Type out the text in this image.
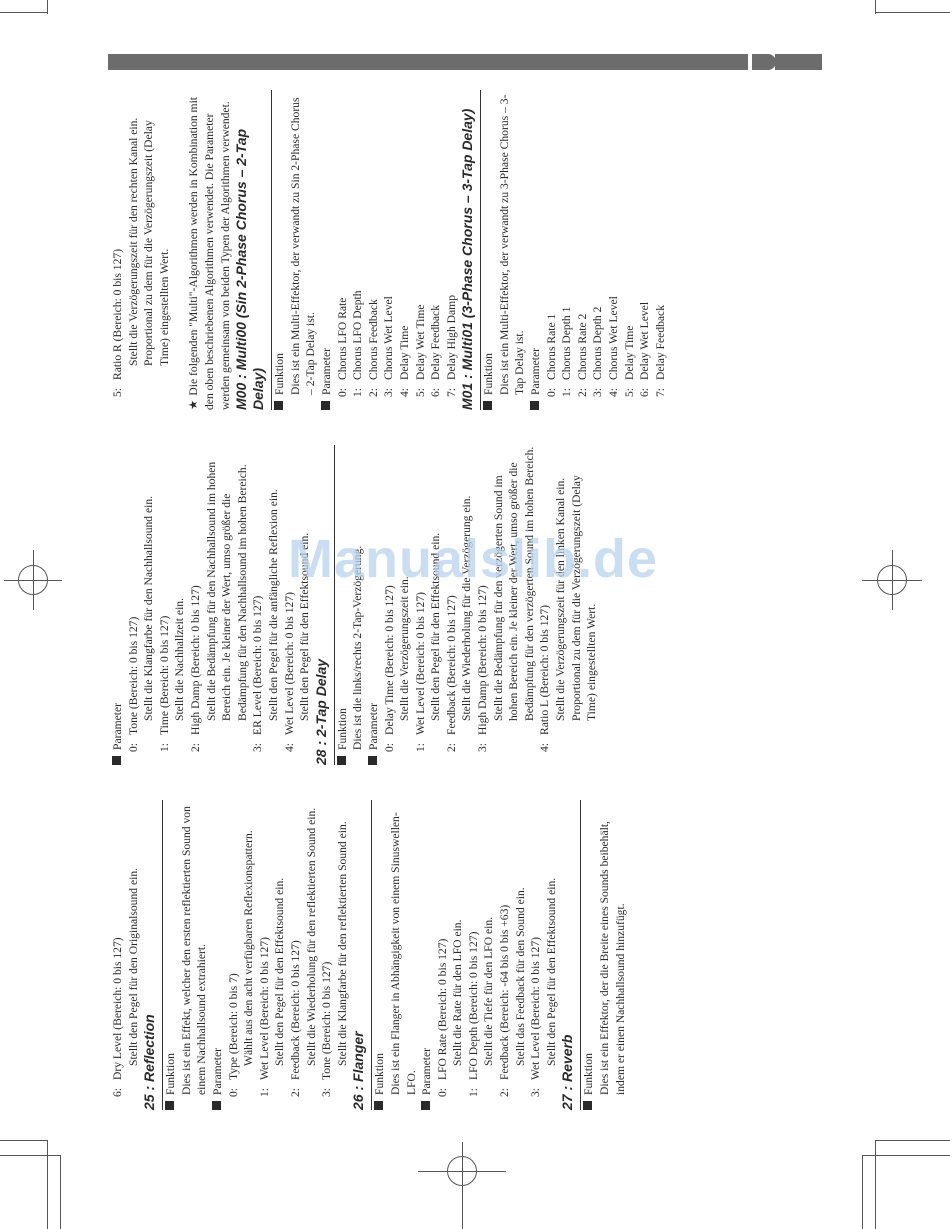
6:
Dry Level (Bereich: 0 bis 127) Stellt den Pegel für den Originalsound ein. 25 : Reflection Funktion Dies ist ein Effekt, welcher den ersten reflektierten Sound von einem Nachhallsound extrahiert. Parameter 0:
Type (Bereich: 0 bis 7) Wählt aus den acht verfügbaren Reflexionspattern.
1:
Wet Level (Bereich: 0 bis 127) Stellt den Pegel für den Effektsound ein.
2:
Feedback (Bereich: 0 bis 127) Stellt die Wiederholung für den reflektierten Sound ein.
3:
Tone (Bereich: 0 bis 127) Stellt die Klangfarbe für den reflektierten Sound ein.

26 : Flanger Funktion Dies ist ein Flanger in Abhängigkeit von einem Sinuswellen-LFO. Parameter 0:
LFO Rate (Bereich: 0 bis 127) Stellt die Rate für den LFO ein.
1:
LFO Depth (Bereich: 0 bis 127) Stellt die Tiefe für den LFO ein.
2:
Feedback (Bereich: -64 bis 0 bis +63) Stellt das Feedback für den Sound ein.
3:
Wet Level (Bereich: 0 bis 127) Stellt den Pegel für den Effektsound ein.

27 : Reverb Funktion Dies ist ein Effektor, der die Breite eines Sounds beibehält, indem er einen Nachhallsound hinzufügt.

Parameter 0:
Tone (Bereich: 0 bis 127) Stellt die Klangfarbe für den Nachhallsound ein.
1:
Time (Bereich: 0 bis 127) Stellt die Nachhallzeit ein.
2:
High Damp (Bereich: 0 bis 127) Stellt die Bedämpfung für den Nachhallsound im hohen Bereich ein. Je kleiner der Wert, umso größer die Bedämpfung für den Nachhallsound im hohen Bereich.
3:
ER Level (Bereich: 0 bis 127) Stellt den Pegel für die anfängliche Reflexion ein.
4:
Wet Level (Bereich: 0 bis 127) Stellt den Pegel für den Effektsound ein. 28 : 2-Tap Delay Funktion Dies ist die links/rechts 2-Tap-Verzögerung. Parameter 0:
Delay Time (Bereich: 0 bis 127) Stellt die Verzögerungszeit ein.
1:
Wet Level (Bereich: 0 bis 127) Stellt den Pegel für den Effektsound ein.
2:
Feedback (Bereich: 0 bis 127) Stellt die Wiederholung für die Verzögerung ein.
3:
High Damp (Bereich: 0 bis 127) Stellt die Bedämpfung für den verzögerten Sound im hohen Bereich ein. Je kleiner der Wert, umso größer die Bedämpfung für den verzögerten Sound im hohen Bereich.
4:
Ratio L (Bereich: 0 bis 127) Stellt die Verzögerungszeit für den linken Kanal ein. Proportional zu dem für die Verzögerungszeit (Delay Time) eingestellten Wert.
5:
Ratio R (Bereich: 0 bis 127) Stellt die Verzögerungszeit für den rechten Kanal ein. Proportional zu dem für die Verzögerungszeit (Delay Time) eingestellten Wert.

★Die folgenden "Multi"-Algorithmen werden in Kombination mit den oben beschriebenen Algorithmen verwendet. Die Parameter werden gemeinsam von beiden Typen der Algorithmen verwendet. M00 : Multi00 (Sin 2-Phase Chorus – 2-Tap Delay) Funktion Dies ist ein Multi-Effektor, der verwandt zu Sin 2-Phase Chorus – 2-Tap Delay ist. Parameter 0:
Chorus LFO Rate
1:
Chorus LFO Depth
2:
Chorus Feedback
3:
Chorus Wet Level
4:
Delay Time
5:
Delay Wet Time
6:
Delay Feedback
7:
Delay High Damp M01 : Multi01 (3-Phase Chorus – 3-Tap Delay) Funktion Dies ist ein Multi-Effektor, der verwandt zu 3-Phase Chorus – 3-Tap Delay ist. Parameter 0:
Chorus Rate 1
1:
Chorus Depth 1
2:
Chorus Rate 2
3:
Chorus Depth 2
4:
Chorus Wet Level
5:
Delay Time
6:
Delay Wet Level
7:
Delay Feedback
Manualslib.de
